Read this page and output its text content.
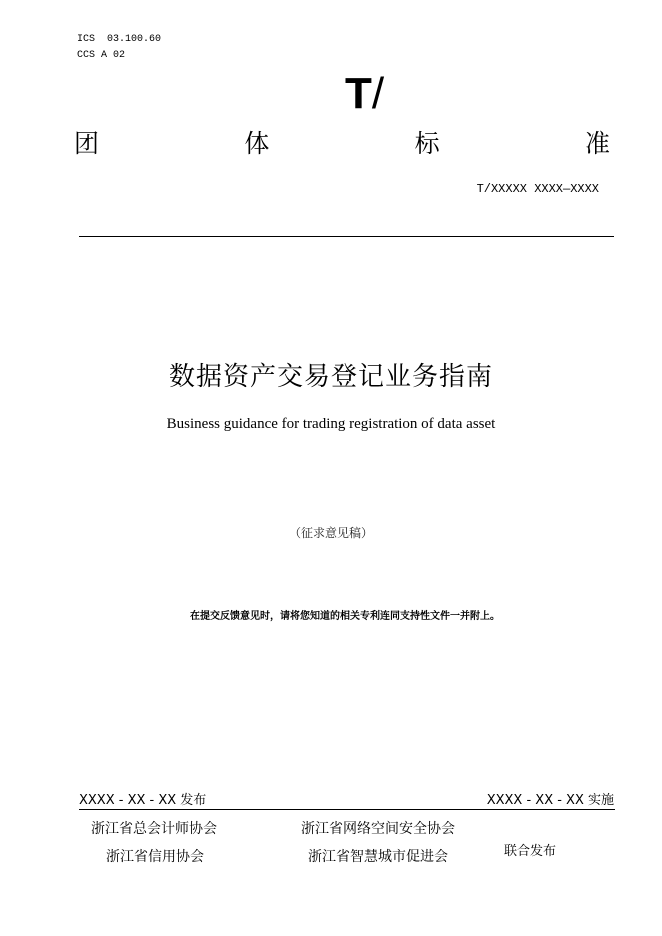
ICS  03.100.60
CCS A 02
T/
团	体	标	准
T/XXXXX XXXX—XXXX
数据资产交易登记业务指南
Business guidance for trading registration of data asset
（征求意见稿）
在提交反馈意见时，请将您知道的相关专利连同支持性文件一并附上。
XXXX - XX - XX 发布	XXXX - XX - XX 实施
浙江省总会计师协会	浙江省网络空间安全协会
浙江省信用协会	浙江省智慧城市促进会	联合发布
